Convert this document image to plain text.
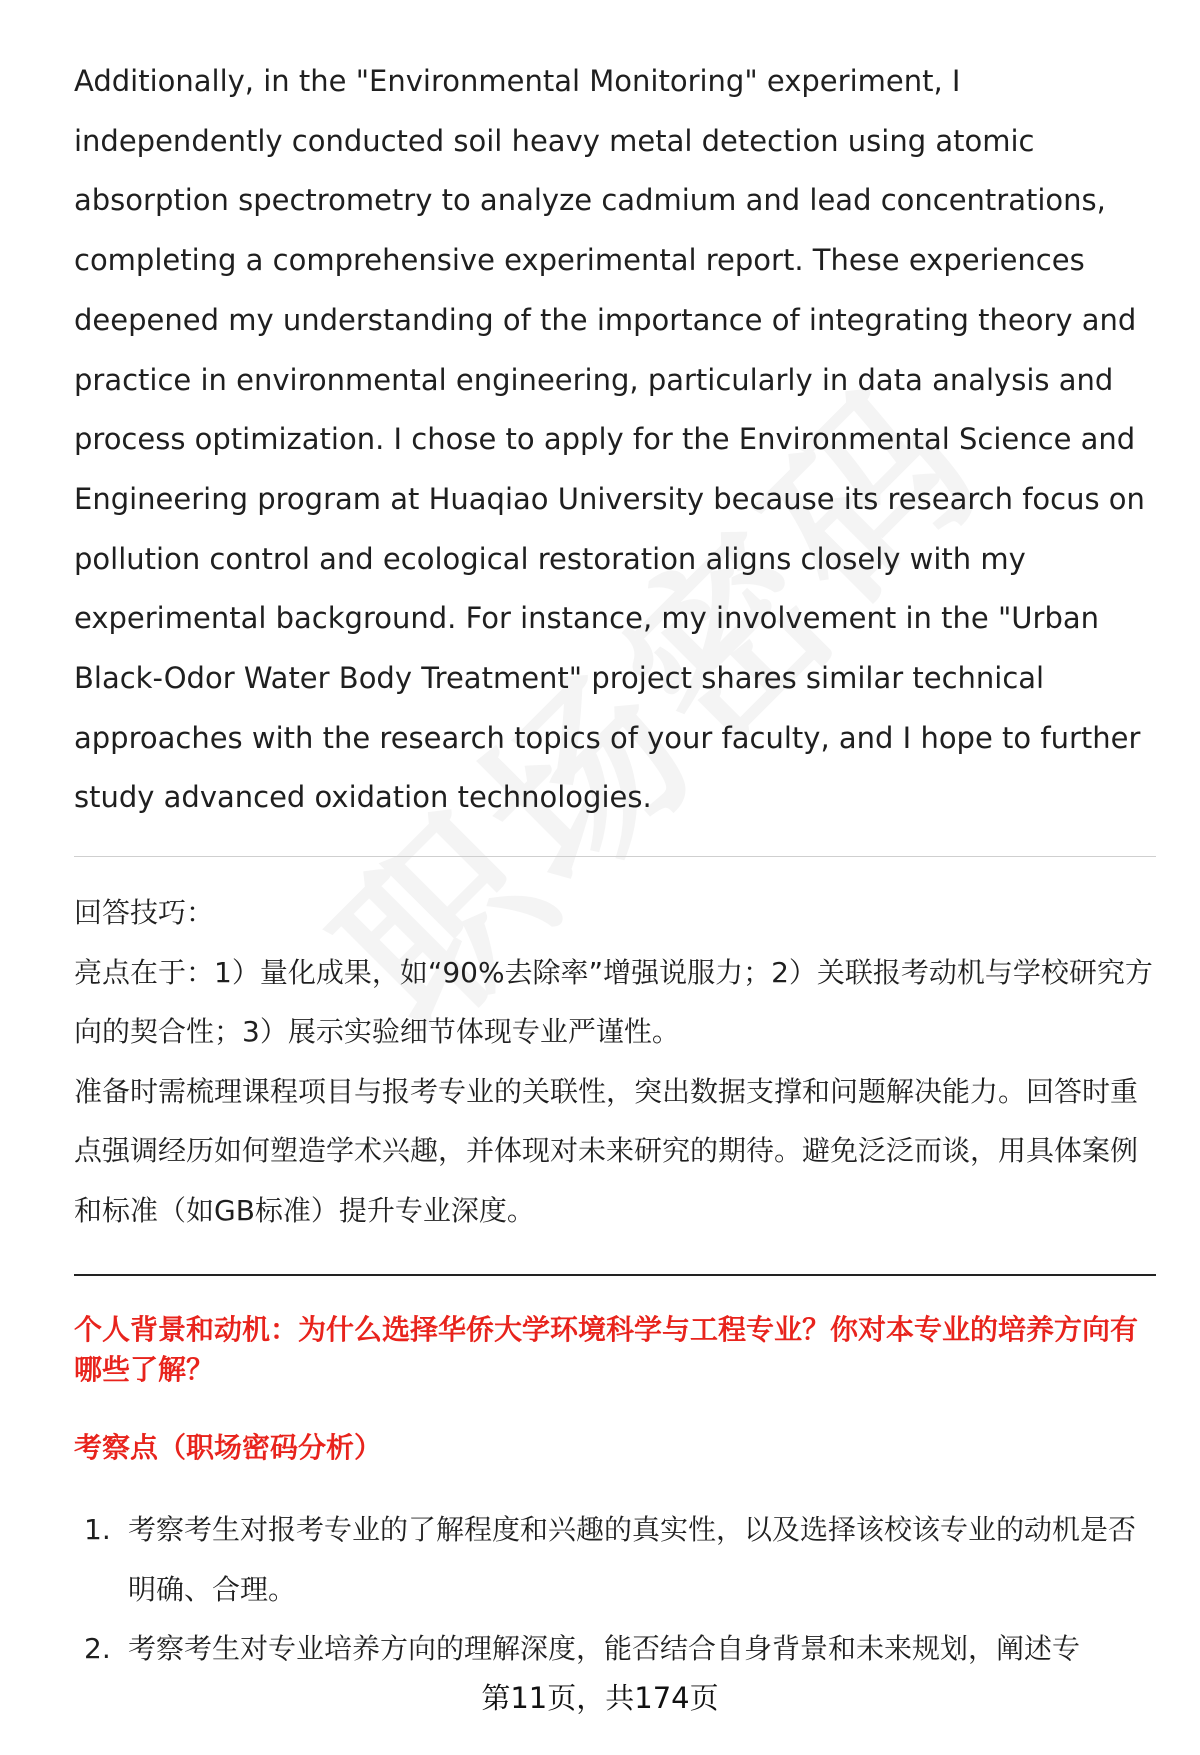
Additionally, in the "Environmental Monitoring" experiment, I independently conducted soil heavy metal detection using atomic absorption spectrometry to analyze cadmium and lead concentrations, completing a comprehensive experimental report. These experiences deepened my understanding of the importance of integrating theory and practice in environmental engineering, particularly in data analysis and process optimization. I chose to apply for the Environmental Science and Engineering program at Huaqiao University because its research focus on pollution control and ecological restoration aligns closely with my experimental background. For instance, my involvement in the "Urban Black-Odor Water Body Treatment" project shares similar technical approaches with the research topics of your faculty, and I hope to further study advanced oxidation technologies.

回答技巧：

亮点在于：1）量化成果，如“90%去除率”增强说服力；2）关联报考动机与学校研究方向的契合性；3）展示实验细节体现专业严谨性。

准备时需梳理课程项目与报考专业的关联性，突出数据支撑和问题解决能力。回答时重点强调经历如何塑造学术兴趣，并体现对未来研究的期待。避免泛泛而谈，用具体案例和标准（如GB标准）提升专业深度。

个人背景和动机：为什么选择华侨大学环境科学与工程专业？你对本专业的培养方向有哪些了解？

考察点（职场密码分析）

1. 考察考生对报考专业的了解程度和兴趣的真实性，以及选择该校该专业的动机是否明确、合理。
2. 考察考生对专业培养方向的理解深度，能否结合自身背景和未来规划，阐述专
第11页，共174页
